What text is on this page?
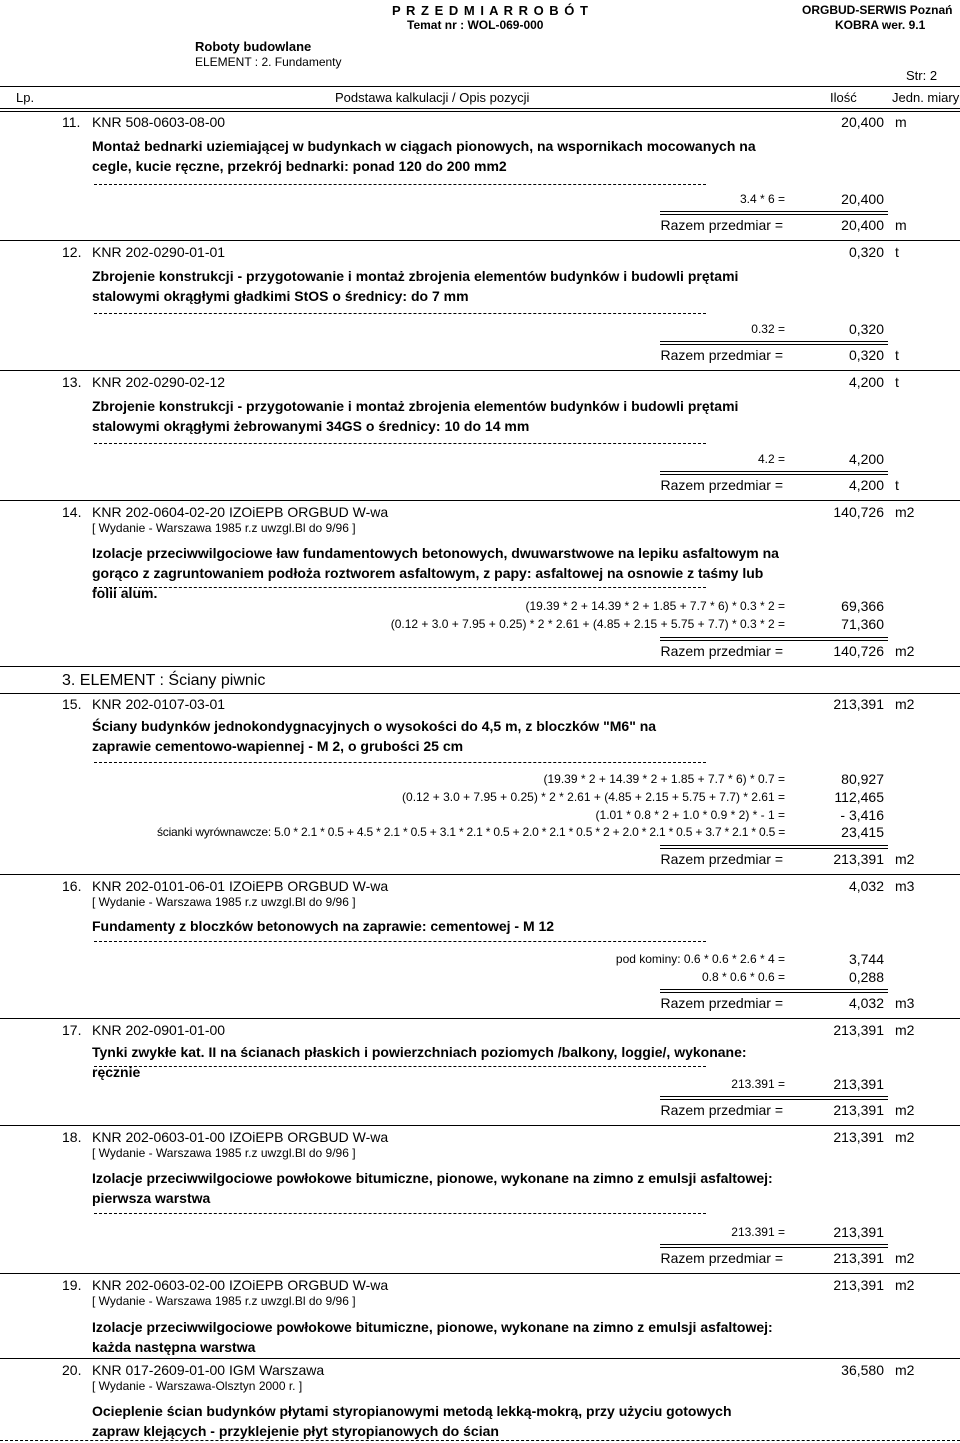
P R Z E D M I A R R O B Ó T
Temat nr : WOL-069-000
ORGBUD-SERWIS Poznań
KOBRA wer. 9.1
Roboty budowlane
ELEMENT : 2. Fundamenty
Str: 2
Lp.	Podstawa kalkulacji / Opis pozycji	Ilość	Jedn. miary
11. KNR 508-0603-08-00	20,400 m
Montaż bednarki uziemiającej w budynkach w ciągach pionowych, na wspornikach mocowanych na cegle, kucie ręczne, przekrój bednarki: ponad 120 do 200 mm2
3.4 * 6 =	20,400
Razem przedmiar =	20,400 m
12. KNR 202-0290-01-01	0,320 t
Zbrojenie konstrukcji - przygotowanie i montaż zbrojenia elementów budynków i budowli prętami stalowymi okrągłymi gładkimi StOS o średnicy: do 7 mm
0.32 =	0,320
Razem przedmiar =	0,320 t
13. KNR 202-0290-02-12	4,200 t
Zbrojenie konstrukcji - przygotowanie i montaż zbrojenia elementów budynków i budowli prętami stalowymi okrągłymi żebrowanymi 34GS o średnicy: 10 do 14 mm
4.2 =	4,200
Razem przedmiar =	4,200 t
14. KNR 202-0604-02-20 IZOiEPB ORGBUD W-wa
[ Wydanie - Warszawa 1985 r.z uwzgl.Bl do 9/96 ]
140,726 m2
Izolacje przeciwwilgociowe ław fundamentowych betonowych, dwuwarstwowe na lepiku asfaltowym na gorąco z zagruntowaniem podłoża roztworem asfaltowym, z papy: asfaltowej na osnowie z taśmy lub folii alum.
(19.39 * 2 + 14.39 * 2 + 1.85 + 7.7 * 6) * 0.3 * 2 =	69,366
(0.12 + 3.0 + 7.95 + 0.25) * 2 * 2.61 + (4.85 + 2.15 + 5.75 + 7.7) * 0.3 * 2 =	71,360
Razem przedmiar =	140,726 m2
3. ELEMENT : Ściany piwnic
15. KNR 202-0107-03-01	213,391 m2
Ściany budynków jednokondygnacyjnych o wysokości do 4,5 m, z bloczków "M6" na zaprawie cementowo-wapiennej - M 2, o grubości 25 cm
(19.39 * 2 + 14.39 * 2 + 1.85 + 7.7 * 6) * 0.7 =	80,927
(0.12 + 3.0 + 7.95 + 0.25) * 2 * 2.61 + (4.85 + 2.15 + 5.75 + 7.7) * 2.61 =	112,465
(1.01 * 0.8 * 2 + 1.0 * 0.9 * 2) * - 1 =	- 3,416
ścianki wyrównawcze: 5.0 * 2.1 * 0.5 + 4.5 * 2.1 * 0.5 + 3.1 * 2.1 * 0.5 + 2.0 * 2.1 * 0.5 * 2 + 2.0 * 2.1 * 0.5 + 3.7 * 2.1 * 0.5 =	23,415
Razem przedmiar =	213,391 m2
16. KNR 202-0101-06-01 IZOiEPB ORGBUD W-wa
[ Wydanie - Warszawa 1985 r.z uwzgl.Bl do 9/96 ]
4,032 m3
Fundamenty z bloczków betonowych na zaprawie: cementowej - M 12
pod kominy: 0.6 * 0.6 * 2.6 * 4 =	3,744
0.8 * 0.6 * 0.6 =	0,288
Razem przedmiar =	4,032 m3
17. KNR 202-0901-01-00	213,391 m2
Tynki zwykłe kat. II na ścianach płaskich i powierzchniach poziomych /balkony, loggie/, wykonane: ręcznie
213.391 =	213,391
Razem przedmiar =	213,391 m2
18. KNR 202-0603-01-00 IZOiEPB ORGBUD W-wa
[ Wydanie - Warszawa 1985 r.z uwzgl.Bl do 9/96 ]
213,391 m2
Izolacje przeciwwilgociowe powłokowe bitumiczne, pionowe, wykonane na zimno z emulsji asfaltowej: pierwsza warstwa
213.391 =	213,391
Razem przedmiar =	213,391 m2
19. KNR 202-0603-02-00 IZOiEPB ORGBUD W-wa
[ Wydanie - Warszawa 1985 r.z uwzgl.Bl do 9/96 ]
213,391 m2
Izolacje przeciwwilgociowe powłokowe bitumiczne, pionowe, wykonane na zimno z emulsji asfaltowej: każda następna warstwa
20. KNR 017-2609-01-00 IGM Warszawa
[ Wydanie - Warszawa-Olsztyn 2000 r. ]
36,580 m2
Ocieplenie ścian budynków płytami styropianowymi metodą lekką-mokrą, przy użyciu gotowych zapraw klejących - przyklejenie płyt styropianowych do ścian
